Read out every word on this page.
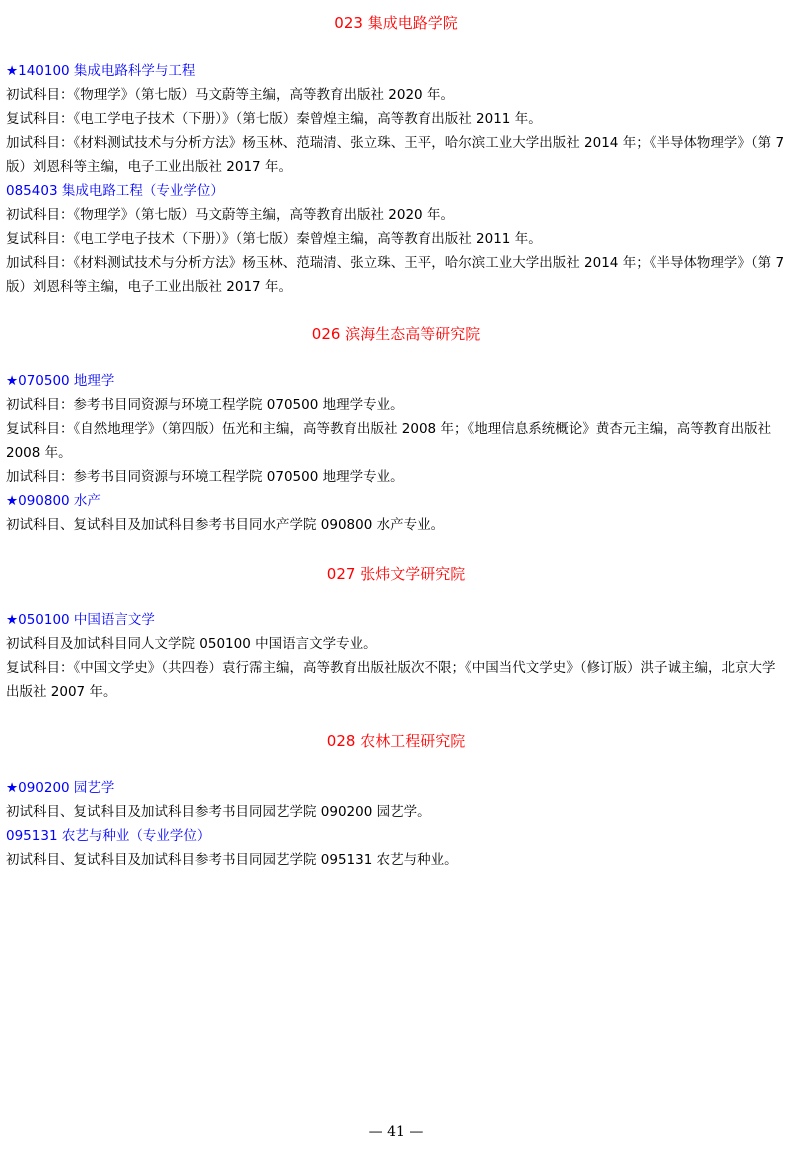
023 集成电路学院
★140100 集成电路科学与工程
初试科目：《物理学》（第七版）马文蔚等主编，高等教育出版社 2020 年。
复试科目：《电工学电子技术（下册）》（第七版）秦曾煌主编，高等教育出版社 2011 年。
加试科目：《材料测试技术与分析方法》杨玉林、范瑞清、张立珠、王平，哈尔滨工业大学出版社 2014 年；《半导体物理学》（第 7 版）刘恩科等主编，电子工业出版社 2017 年。
085403 集成电路工程（专业学位）
初试科目：《物理学》（第七版）马文蔚等主编，高等教育出版社 2020 年。
复试科目：《电工学电子技术（下册）》（第七版）秦曾煌主编，高等教育出版社 2011 年。
加试科目：《材料测试技术与分析方法》杨玉林、范瑞清、张立珠、王平，哈尔滨工业大学出版社 2014 年；《半导体物理学》（第 7 版）刘恩科等主编，电子工业出版社 2017 年。
026 滨海生态高等研究院
★070500 地理学
初试科目：参考书目同资源与环境工程学院 070500 地理学专业。
复试科目：《自然地理学》（第四版）伍光和主编，高等教育出版社 2008 年；《地理信息系统概论》黄杏元主编，高等教育出版社 2008 年。
加试科目：参考书目同资源与环境工程学院 070500 地理学专业。
★090800 水产
初试科目、复试科目及加试科目参考书目同水产学院 090800 水产专业。
027 张炜文学研究院
★050100 中国语言文学
初试科目及加试科目同人文学院 050100 中国语言文学专业。
复试科目：《中国文学史》（共四卷）袁行霈主编，高等教育出版社版次不限；《中国当代文学史》（修订版）洪子诚主编，北京大学出版社 2007 年。
028 农林工程研究院
★090200 园艺学
初试科目、复试科目及加试科目参考书目同园艺学院 090200 园艺学。
095131 农艺与种业（专业学位）
初试科目、复试科目及加试科目参考书目同园艺学院 095131 农艺与种业。
— 41 —
